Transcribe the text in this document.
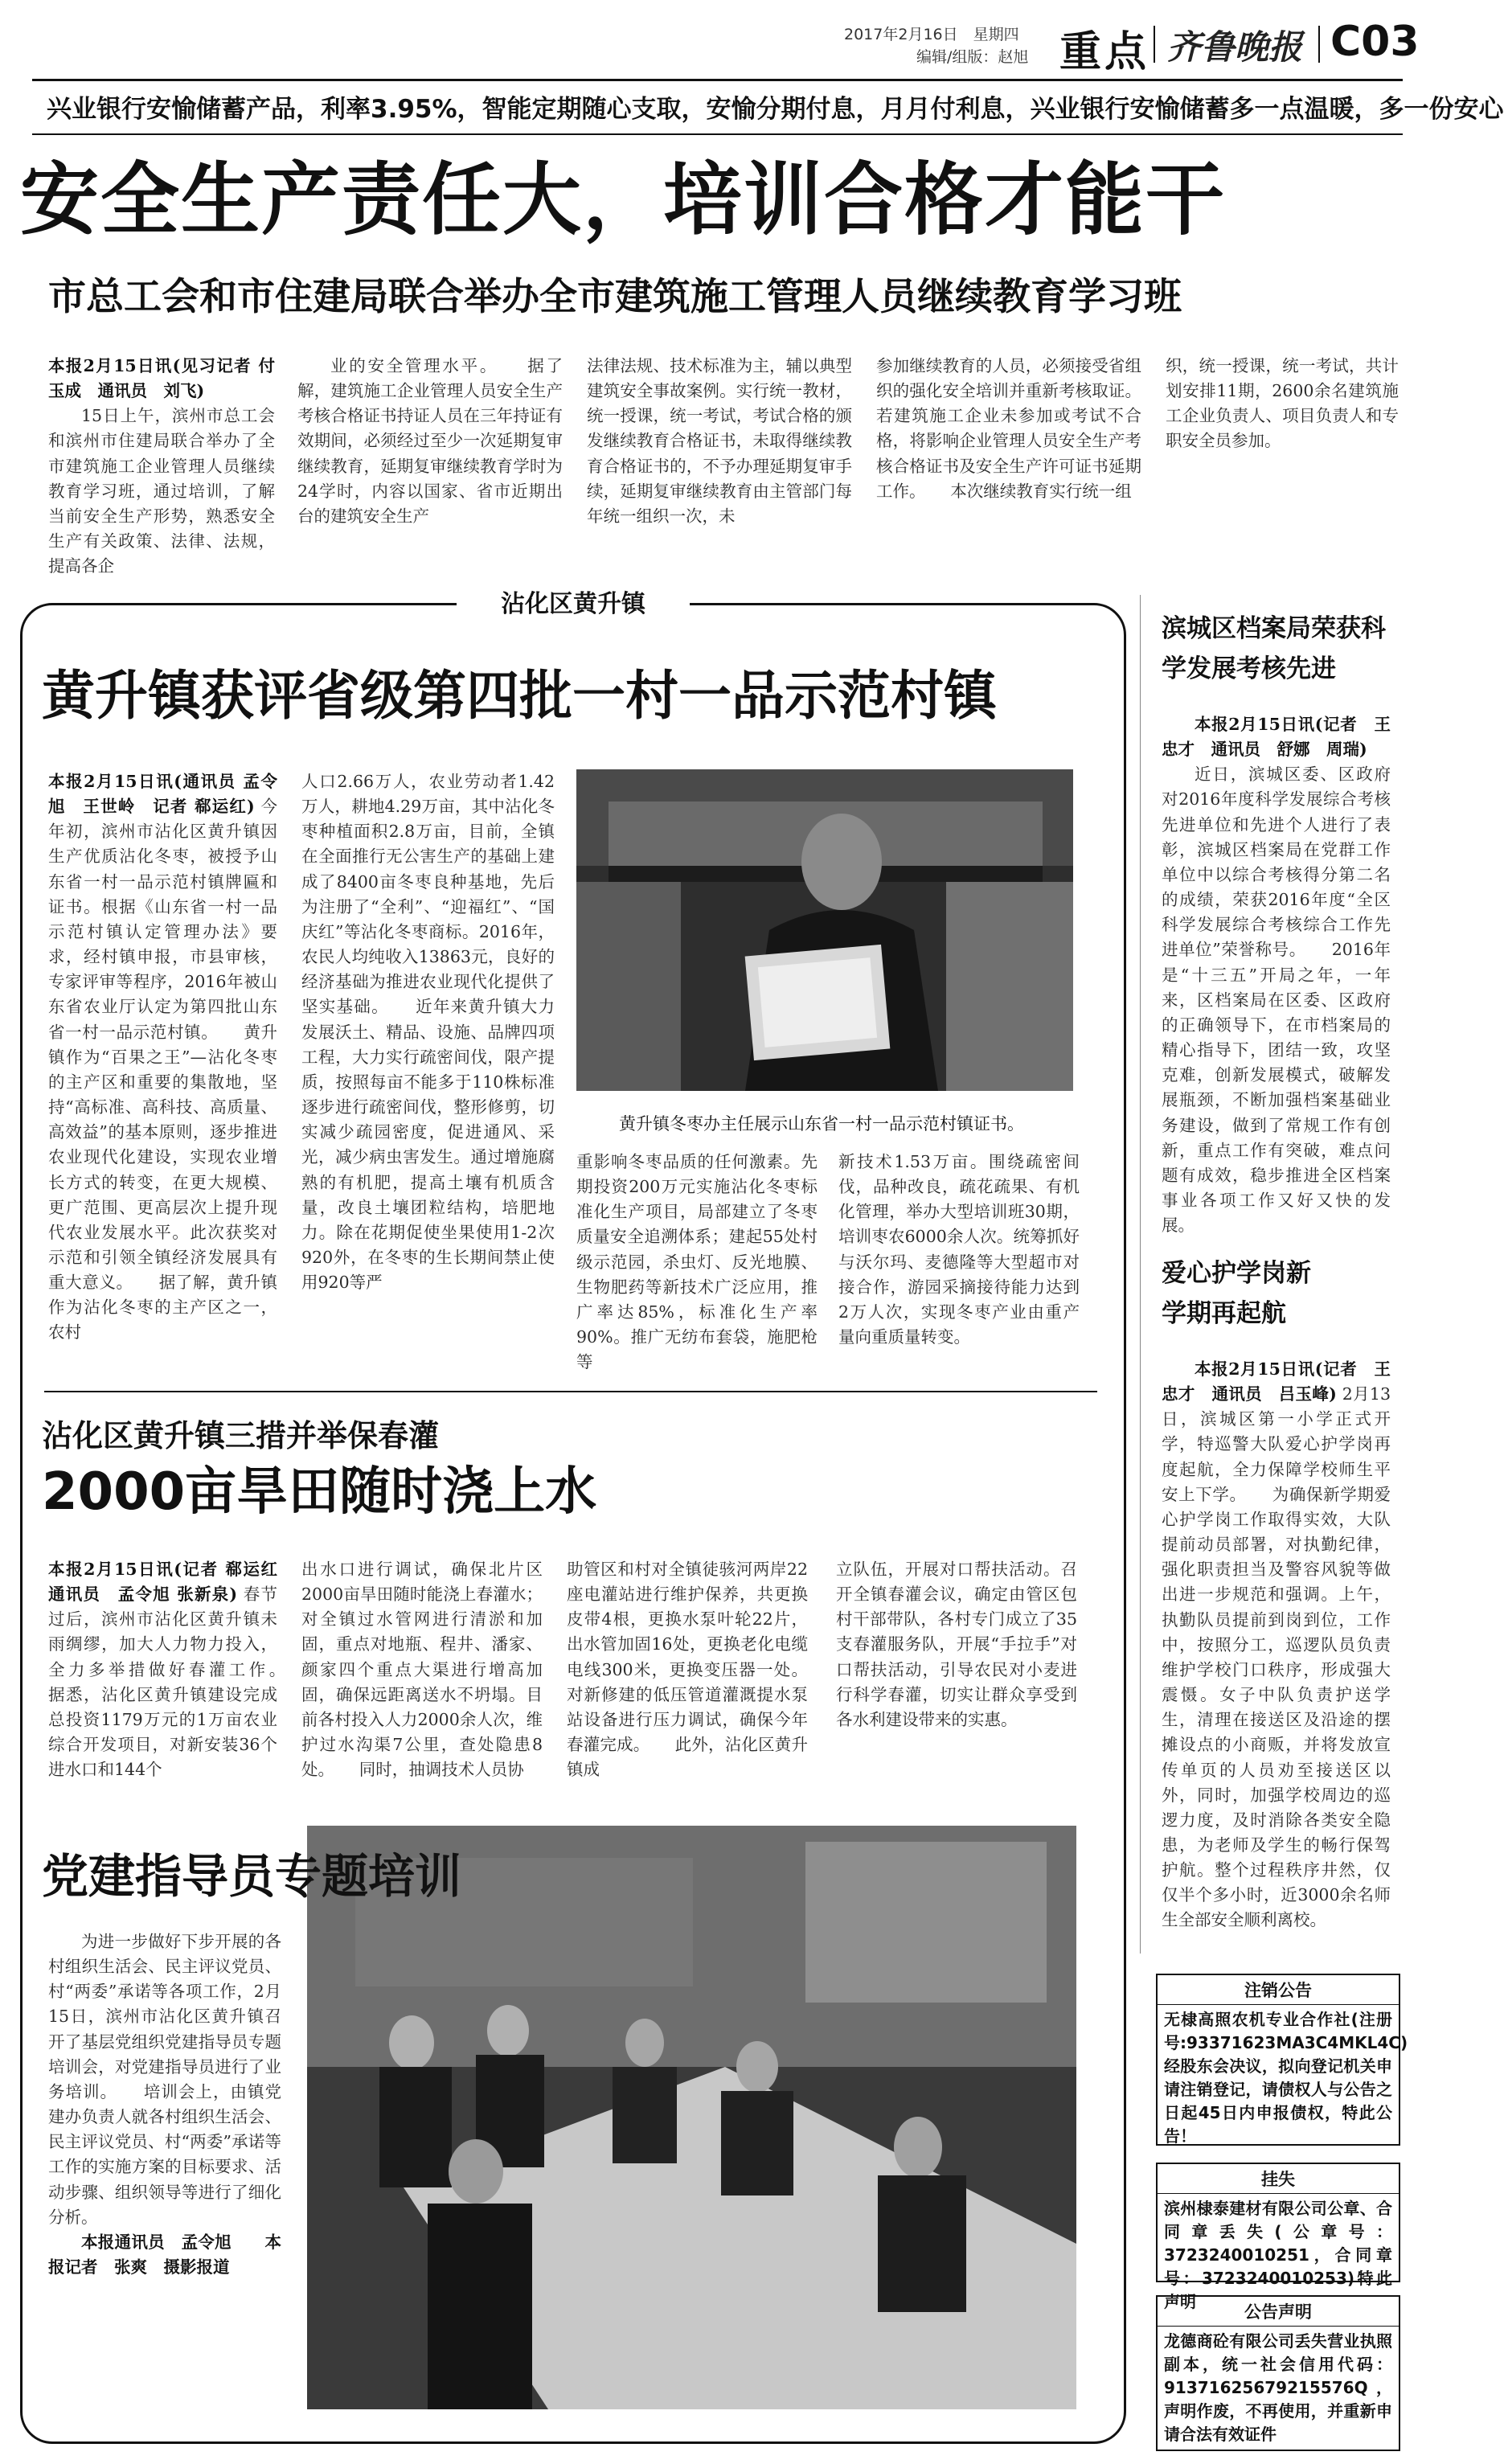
2017年2月16日　星期四
编辑/组版：赵旭 重点 齐鲁晚报 C03
兴业银行安愉储蓄产品，利率3.95%，智能定期随心支取，安愉分期付息，月月付利息，兴业银行安愉储蓄多一点温暖，多一份安心
安全生产责任大，培训合格才能干
市总工会和市住建局联合举办全市建筑施工管理人员继续教育学习班

本报2月15日讯(见习记者 付玉成　通讯员　刘飞)

15日上午，滨州市总工会和滨州市住建局联合举办了全市建筑施工企业管理人员继续教育学习班，通过培训，了解当前安全生产形势，熟悉安全生产有关政策、法律、法规，提高各企

业的安全管理水平。　　据了解，建筑施工企业管理人员安全生产考核合格证书持证人员在三年持证有效期间，必须经过至少一次延期复审继续教育，延期复审继续教育学时为24学时，内容以国家、省市近期出台的建筑安全生产

法律法规、技术标准为主，辅以典型建筑安全事故案例。实行统一教材，统一授课，统一考试，考试合格的颁发继续教育合格证书，未取得继续教育合格证书的，不予办理延期复审手续，延期复审继续教育由主管部门每年统一组织一次，未

参加继续教育的人员，必须接受省组织的强化安全培训并重新考核取证。若建筑施工企业未参加或考试不合格，将影响企业管理人员安全生产考核合格证书及安全生产许可证书延期工作。　　本次继续教育实行统一组

织，统一授课，统一考试，共计划安排11期，2600余名建筑施工企业负责人、项目负责人和专职安全员参加。

沾化区黄升镇
黄升镇获评省级第四批一村一品示范村镇

本报2月15日讯(通讯员 孟令旭　王世岭　记者 郗运红) 今年初，滨州市沾化区黄升镇因生产优质沾化冬枣，被授予山东省一村一品示范村镇牌匾和证书。根据《山东省一村一品示范村镇认定管理办法》要求，经村镇申报，市县审核，专家评审等程序，2016年被山东省农业厅认定为第四批山东省一村一品示范村镇。　　黄升镇作为“百果之王”—沾化冬枣的主产区和重要的集散地，坚持“高标准、高科技、高质量、高效益”的基本原则，逐步推进农业现代化建设，实现农业增长方式的转变，在更大规模、更广范围、更高层次上提升现代农业发展水平。此次获奖对示范和引领全镇经济发展具有重大意义。　　据了解，黄升镇作为沾化冬枣的主产区之一，农村

人口2.66万人，农业劳动者1.42万人，耕地4.29万亩，其中沾化冬枣种植面积2.8万亩，目前，全镇在全面推行无公害生产的基础上建成了8400亩冬枣良种基地，先后为注册了“全利”、“迎福红”、“国庆红”等沾化冬枣商标。2016年，农民人均纯收入13863元，良好的经济基础为推进农业现代化提供了坚实基础。　　近年来黄升镇大力发展沃土、精品、设施、品牌四项工程，大力实行疏密间伐，限产提质，按照每亩不能多于110株标准逐步进行疏密间伐，整形修剪，切实减少疏园密度，促进通风、采光，减少病虫害发生。通过增施腐熟的有机肥，提高土壤有机质含量，改良土壤团粒结构，培肥地力。除在花期促使坐果使用1-2次920外，在冬枣的生长期间禁止使用920等严

黄升镇冬枣办主任展示山东省一村一品示范村镇证书。

重影响冬枣品质的任何激素。先期投资200万元实施沾化冬枣标准化生产项目，局部建立了冬枣质量安全追溯体系；建起55处村级示范园，杀虫灯、反光地膜、生物肥药等新技术广泛应用，推广率达85%，标准化生产率90%。推广无纺布套袋，施肥枪等

新技术1.53万亩。围绕疏密间伐，品种改良，疏花疏果、有机化管理，举办大型培训班30期，培训枣农6000余人次。统筹抓好与沃尔玛、麦德隆等大型超市对接合作，游园采摘接待能力达到2万人次，实现冬枣产业由重产量向重质量转变。

沾化区黄升镇三措并举保春灌
2000亩旱田随时浇上水

本报2月15日讯(记者 郗运红　通讯员　孟令旭 张新泉) 春节过后，滨州市沾化区黄升镇未雨绸缪，加大人力物力投入，全力多举措做好春灌工作。　　据悉，沾化区黄升镇建设完成总投资1179万元的1万亩农业综合开发项目，对新安装36个进水口和144个

出水口进行调试，确保北片区2000亩旱田随时能浇上春灌水；对全镇过水管网进行清淤和加固，重点对地瓶、程井、潘家、颜家四个重点大渠进行增高加固，确保远距离送水不坍塌。目前各村投入人力2000余人次，维护过水沟渠7公里，查处隐患8处。　　同时，抽调技术人员协

助管区和村对全镇徒骇河两岸22座电灌站进行维护保养，共更换皮带4根，更换水泵叶轮22片，出水管加固16处，更换老化电缆电线300米，更换变压器一处。对新修建的低压管道灌溉提水泵站设备进行压力调试，确保今年春灌完成。　　此外，沾化区黄升镇成

立队伍，开展对口帮扶活动。召开全镇春灌会议，确定由管区包村干部带队，各村专门成立了35支春灌服务队，开展“手拉手”对口帮扶活动，引导农民对小麦进行科学春灌，切实让群众享受到各水利建设带来的实惠。

党建指导员专题培训

为进一步做好下步开展的各村组织生活会、民主评议党员、村“两委”承诺等各项工作，2月15日，滨州市沾化区黄升镇召开了基层党组织党建指导员专题培训会，对党建指导员进行了业务培训。　　培训会上，由镇党建办负责人就各村组织生活会、民主评议党员、村“两委”承诺等工作的实施方案的目标要求、活动步骤、组织领导等进行了细化分析。

本报通讯员　孟令旭　　本报记者　张爽　摄影报道

滨城区档案局荣获科学发展考核先进

本报2月15日讯(记者　王忠才　通讯员　舒娜　周瑞)

近日，滨城区委、区政府对2016年度科学发展综合考核先进单位和先进个人进行了表彰，滨城区档案局在党群工作单位中以综合考核得分第二名的成绩，荣获2016年度“全区科学发展综合考核综合工作先进单位”荣誉称号。　　2016年是“十三五”开局之年，一年来，区档案局在区委、区政府的正确领导下，在市档案局的精心指导下，团结一致，攻坚克难，创新发展模式，破解发展瓶颈，不断加强档案基础业务建设，做到了常规工作有创新，重点工作有突破，难点问题有成效，稳步推进全区档案事业各项工作又好又快的发展。

爱心护学岗新学期再起航

本报2月15日讯(记者　王忠才　通讯员　吕玉峰) 2月13日，滨城区第一小学正式开学，特巡警大队爱心护学岗再度起航，全力保障学校师生平安上下学。　　为确保新学期爱心护学岗工作取得实效，大队提前动员部署，对执勤纪律，强化职责担当及警容风貌等做出进一步规范和强调。上午，执勤队员提前到岗到位，工作中，按照分工，巡逻队员负责维护学校门口秩序，形成强大震慑。女子中队负责护送学生，清理在接送区及沿途的摆摊设点的小商贩，并将发放宣传单页的人员劝至接送区以外，同时，加强学校周边的巡逻力度，及时消除各类安全隐患，为老师及学生的畅行保驾护航。整个过程秩序井然，仅仅半个多小时，近3000余名师生全部安全顺利离校。

注销公告
无棣高照农机专业合作社(注册号:93371623MA3C4MKL4C)经股东会决议，拟向登记机关申请注销登记，请债权人与公告之日起45日内申报债权，特此公告！
挂失
滨州棣泰建材有限公司公章、合同章丢失(公章号：3723240010251，合同章号：3723240010253)特此声明
公告声明
龙德商砼有限公司丢失营业执照副本，统一社会信用代码：91371625679215576Q，声明作废，不再使用，并重新申请合法有效证件
